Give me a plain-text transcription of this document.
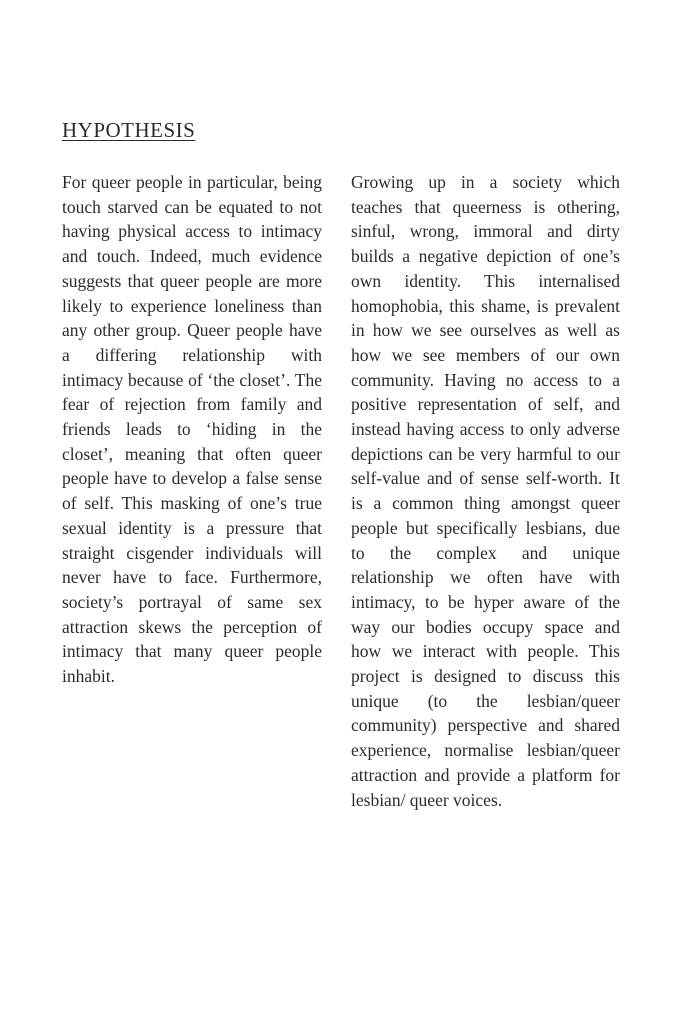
HYPOTHESIS

For queer people in particular, being touch starved can be equated to not having physical access to intimacy and touch. Indeed, much evidence suggests that queer people are more likely to experience loneliness than any other group. Queer people have a differing relationship with intimacy because of ‘the closet’. The fear of rejection from family and friends leads to ‘hiding in the closet’, meaning that often queer people have to develop a false sense of self. This masking of one’s true sexual identity is a pressure that straight cisgender individuals will never have to face. Furthermore, society’s portrayal of same sex attraction skews the perception of intimacy that many queer people inhabit.

Growing up in a society which teaches that queerness is othering, sinful, wrong, immoral and dirty builds a negative depiction of one’s own identity. This internalised homophobia, this shame, is prevalent in how we see ourselves as well as how we see members of our own community. Having no access to a positive representation of self, and instead having access to only adverse depictions can be very harmful to our self-value and of sense self-worth. It is a common thing amongst queer people but specifically lesbians, due to the complex and unique relationship we often have with intimacy, to be hyper aware of the way our bodies occupy space and how we interact with people. This project is designed to discuss this unique (to the lesbian/queer community) perspective and shared experience, normalise lesbian/queer attraction and provide a platform for lesbian/ queer voices.
